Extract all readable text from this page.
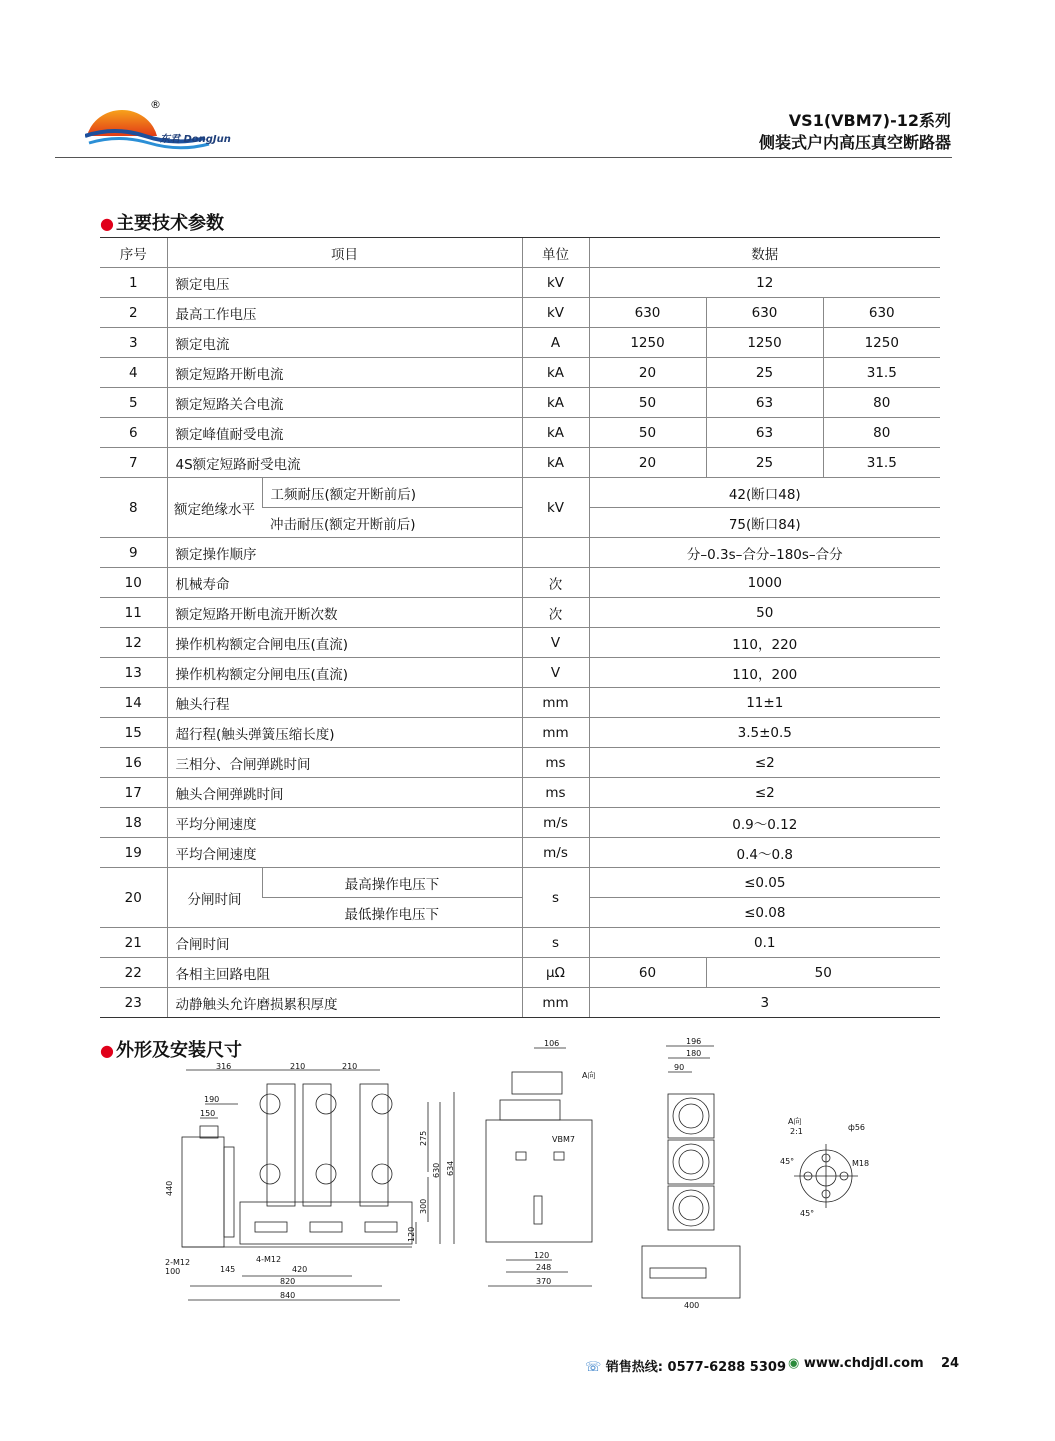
®
东君 DongJun
VS1(VBM7)-12系列
侧装式户内高压真空断路器
● 主要技术参数
序号	项目		单位	数据		
1	额定电压		kV	12		
2	最高工作电压		kV	630	630	630
3	额定电流		A	1250	1250	1250
4	额定短路开断电流		kA	20	25	31.5
5	额定短路关合电流		kA	50	63	80
6	额定峰值耐受电流		kA	50	63	80
7	4S额定短路耐受电流		kA	20	25	31.5
8	额定绝缘水平	工频耐压(额定开断前后)	kV	42(断口48)		
		冲击耐压(额定开断前后)		75(断口84)		
9	额定操作顺序			分–0.3s–合分–180s–合分		
10	机械寿命		次	1000		
11	额定短路开断电流开断次数		次	50		
12	操作机构额定合闸电压(直流)		V	110，220		
13	操作机构额定分闸电压(直流)		V	110，200		
14	触头行程		mm	11±1		
15	超行程(触头弹簧压缩长度)		mm	3.5±0.5		
16	三相分、合闸弹跳时间		ms	≤2		
17	触头合闸弹跳时间		ms	≤2		
18	平均分闸速度		m/s	0.9～0.12		
19	平均合闸速度		m/s	0.4～0.8		
20	分闸时间	最高操作电压下	s	≤0.05		
		最低操作电压下		≤0.08		
21	合闸时间		s	0.1		
22	各相主回路电阻		μΩ	60	50	
23	动静触头允许磨损累积厚度		mm	3		
● 外形及安装尺寸
316	210	210
190
150
440
275
630 634
300
120
2-M12
100	145
4-M12
420
820
840
106
A向
VBM7
120
248
370
196
180
90
400
A向
2:1	ф56
M18
45°
45°
☏ 销售热线: 0577-6288 5309 ◉ www.chdjdl.com 24
